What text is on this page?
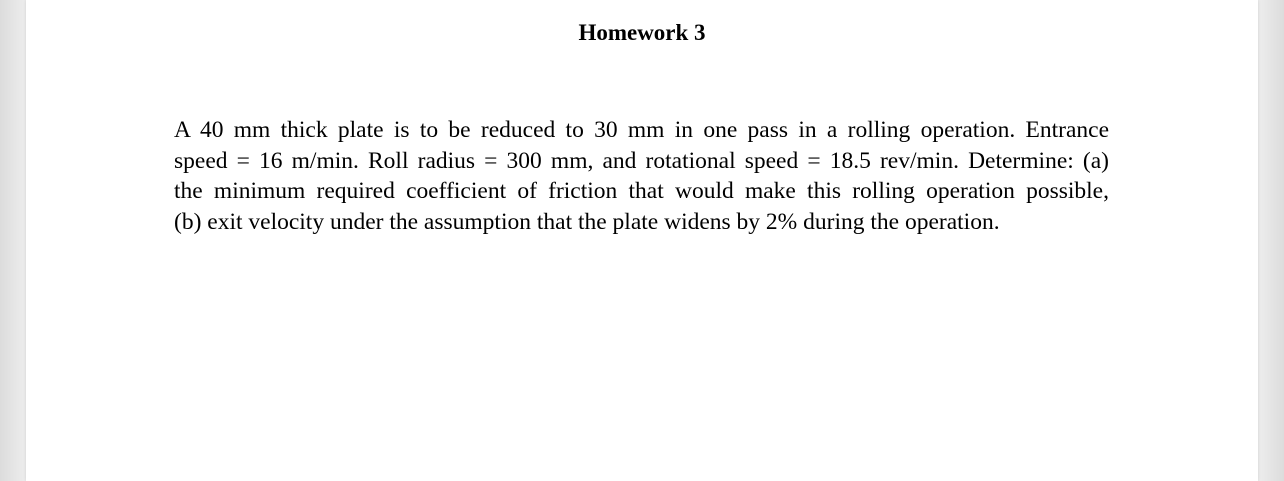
Homework 3

A 40 mm thick plate is to be reduced to 30 mm in one pass in a rolling operation. Entrance
speed = 16 m/min. Roll radius = 300 mm, and rotational speed = 18.5 rev/min. Determine: (a)
the minimum required coefficient of friction that would make this rolling operation possible,
(b) exit velocity under the assumption that the plate widens by 2% during the operation.
